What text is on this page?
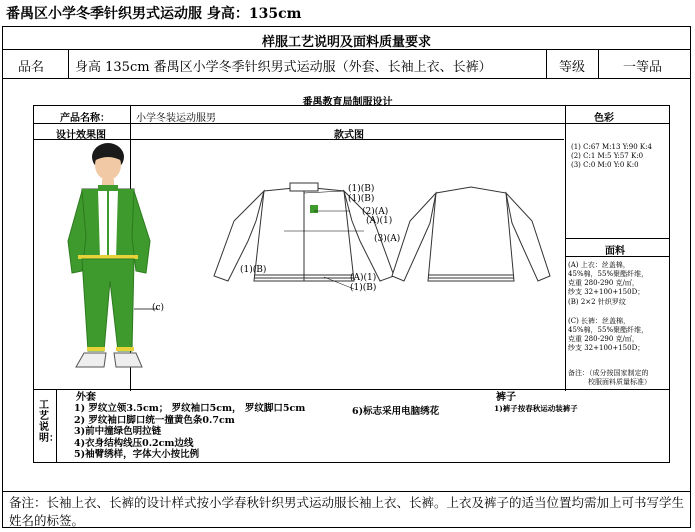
番禺区小学冬季针织男式运动服 身高：135cm
样服工艺说明及面料质量要求
品名 身高 135cm 番禺区小学冬季针织男式运动服（外套、长袖上衣、长裤）	等级	一等品
备注：长袖上衣、长裤的设计样式按小学春秋针织男式运动服长袖上衣、长裤。上衣及裤子的适当位置均需加上可书写学生姓名的标签。
番禺教育局制服设计
产品名称：	小学冬装运动服男	色彩
设计效果图	款式图
(1) C:67 M:13 Y:90 K:4
(2) C:1 M:5 Y:57 K:0
(3) C:0 M:0 Y:0 K:0
面料
(A) 上衣：丝盖棉，
45%棉，55%聚酯纤维，
克重 280-290 克/㎡，
纱支 32+100+150D；
(B) 2×2 针织罗纹
(C) 长裤：丝盖棉，
45%棉，55%聚酯纤维，
克重 280-290 克/㎡，
纱支 32+100+150D；
备注：（成分按国家制定的
校服面料质量标准）
(c)
(1)(B)
(1)(B)
(2)(A)
(A)(1)
(3)(A)
(1)(B)
(A)(1)
(1)(B)
工艺说明：
外套	裤子
1) 罗纹立领3.5cm； 罗纹袖口5cm， 罗纹脚口5cm
2) 罗纹袖口脚口统一撞黄色条0.7cm
3)前中撞绿色明拉链
4)衣身结构线压0.2cm边线
5)袖臂绣样，字体大小按比例
6)标志采用电脑绣花	1)裤子按春秋运动装裤子
